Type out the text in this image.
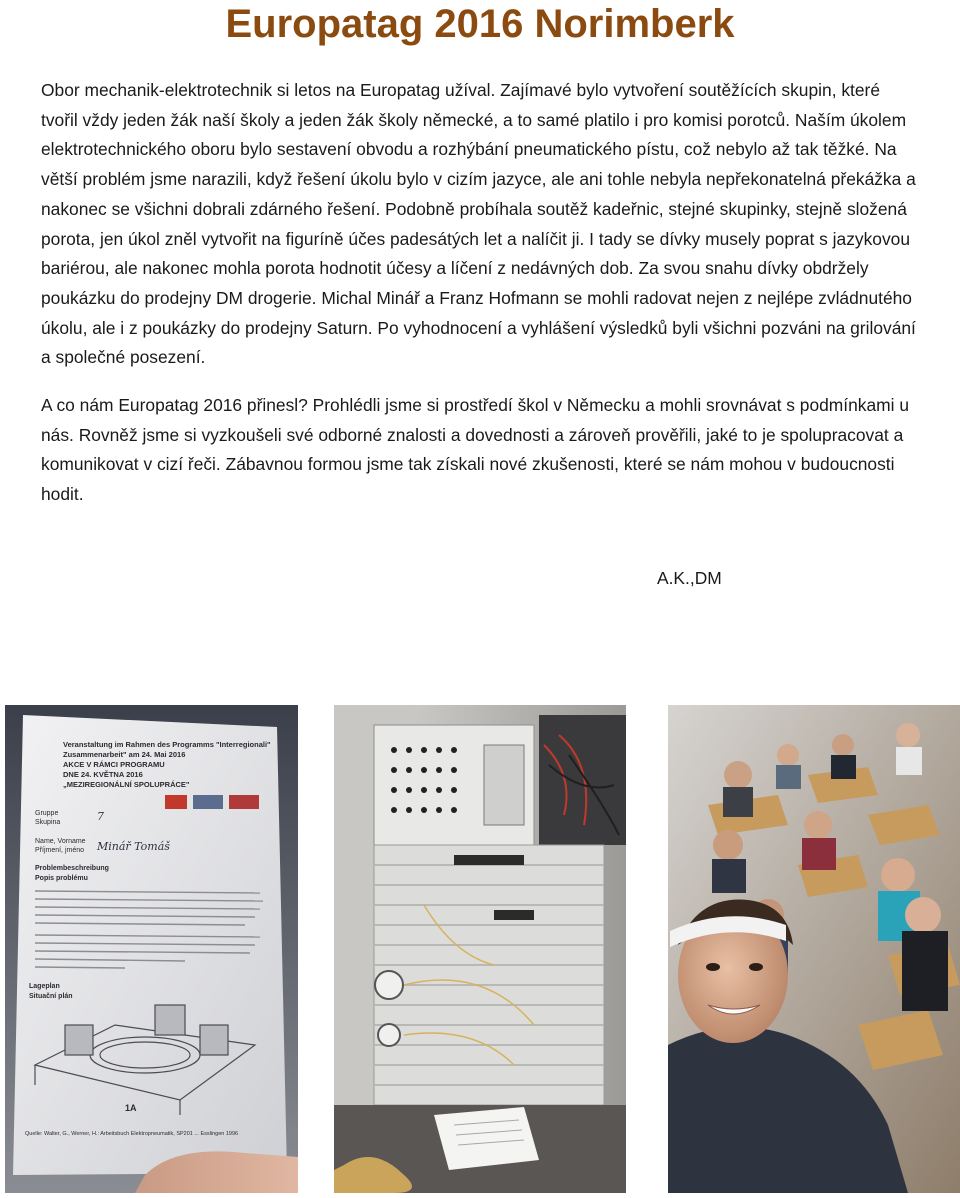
Europatag 2016 Norimberk

Obor mechanik-elektrotechnik si letos na Europatag užíval. Zajímavé bylo vytvoření soutěžících skupin, které tvořil vždy jeden žák naší školy a jeden žák školy německé, a to samé platilo i pro komisi porotců. Naším úkolem elektrotechnického oboru bylo sestavení obvodu a rozhýbání pneumatického pístu, což nebylo až tak těžké. Na větší problém jsme narazili, když řešení úkolu bylo v cizím jazyce, ale ani tohle nebyla nepřekonatelná překážka a nakonec se všichni dobrali zdárného řešení. Podobně probíhala soutěž kadeřnic, stejné skupinky, stejně složená porota, jen úkol zněl vytvořit na figuríně účes padesátých let a nalíčit ji. I tady se dívky musely poprat s jazykovou bariérou, ale nakonec mohla porota hodnotit účesy a líčení z nedávných dob. Za svou snahu dívky obdržely poukázku do prodejny DM drogerie. Michal Minář a Franz Hofmann se mohli radovat nejen z nejlépe zvládnutého úkolu, ale i z poukázky do prodejny Saturn. Po vyhodnocení a vyhlášení výsledků byli všichni pozváni na grilování a společné posezení.

A co nám Europatag 2016 přinesl? Prohlédli jsme si prostředí škol v Německu a mohli srovnávat s podmínkami u nás. Rovněž jsme si vyzkoušeli své odborné znalosti a dovednosti a zároveň prověřili, jaké to je spolupracovat a komunikovat v cizí řeči. Zábavnou formou jsme tak získali nové zkušenosti, které se nám mohou v budoucnosti hodit.

A.K.,DM
Veranstaltung im Rahmen des Programms "Interregionali"
Zusammenarbeit" am 24. Mai 2016
AKCE V RÁMCI PROGRAMU
DNE 24. KVĚTNA 2016
„MEZIREGIONÁLNÍ SPOLUPRÁCE"
Gruppe
Skupina
Name, Vorname
Příjmení, jméno
Problembeschreibung
Popis problému
Lageplan
Situační plán
1A
Quelle: Walter, G., Werner, H.: Arbeitsbuch Elektropneumatik, SP201 ... Esslingen 1996
7
Minář Tomáš
